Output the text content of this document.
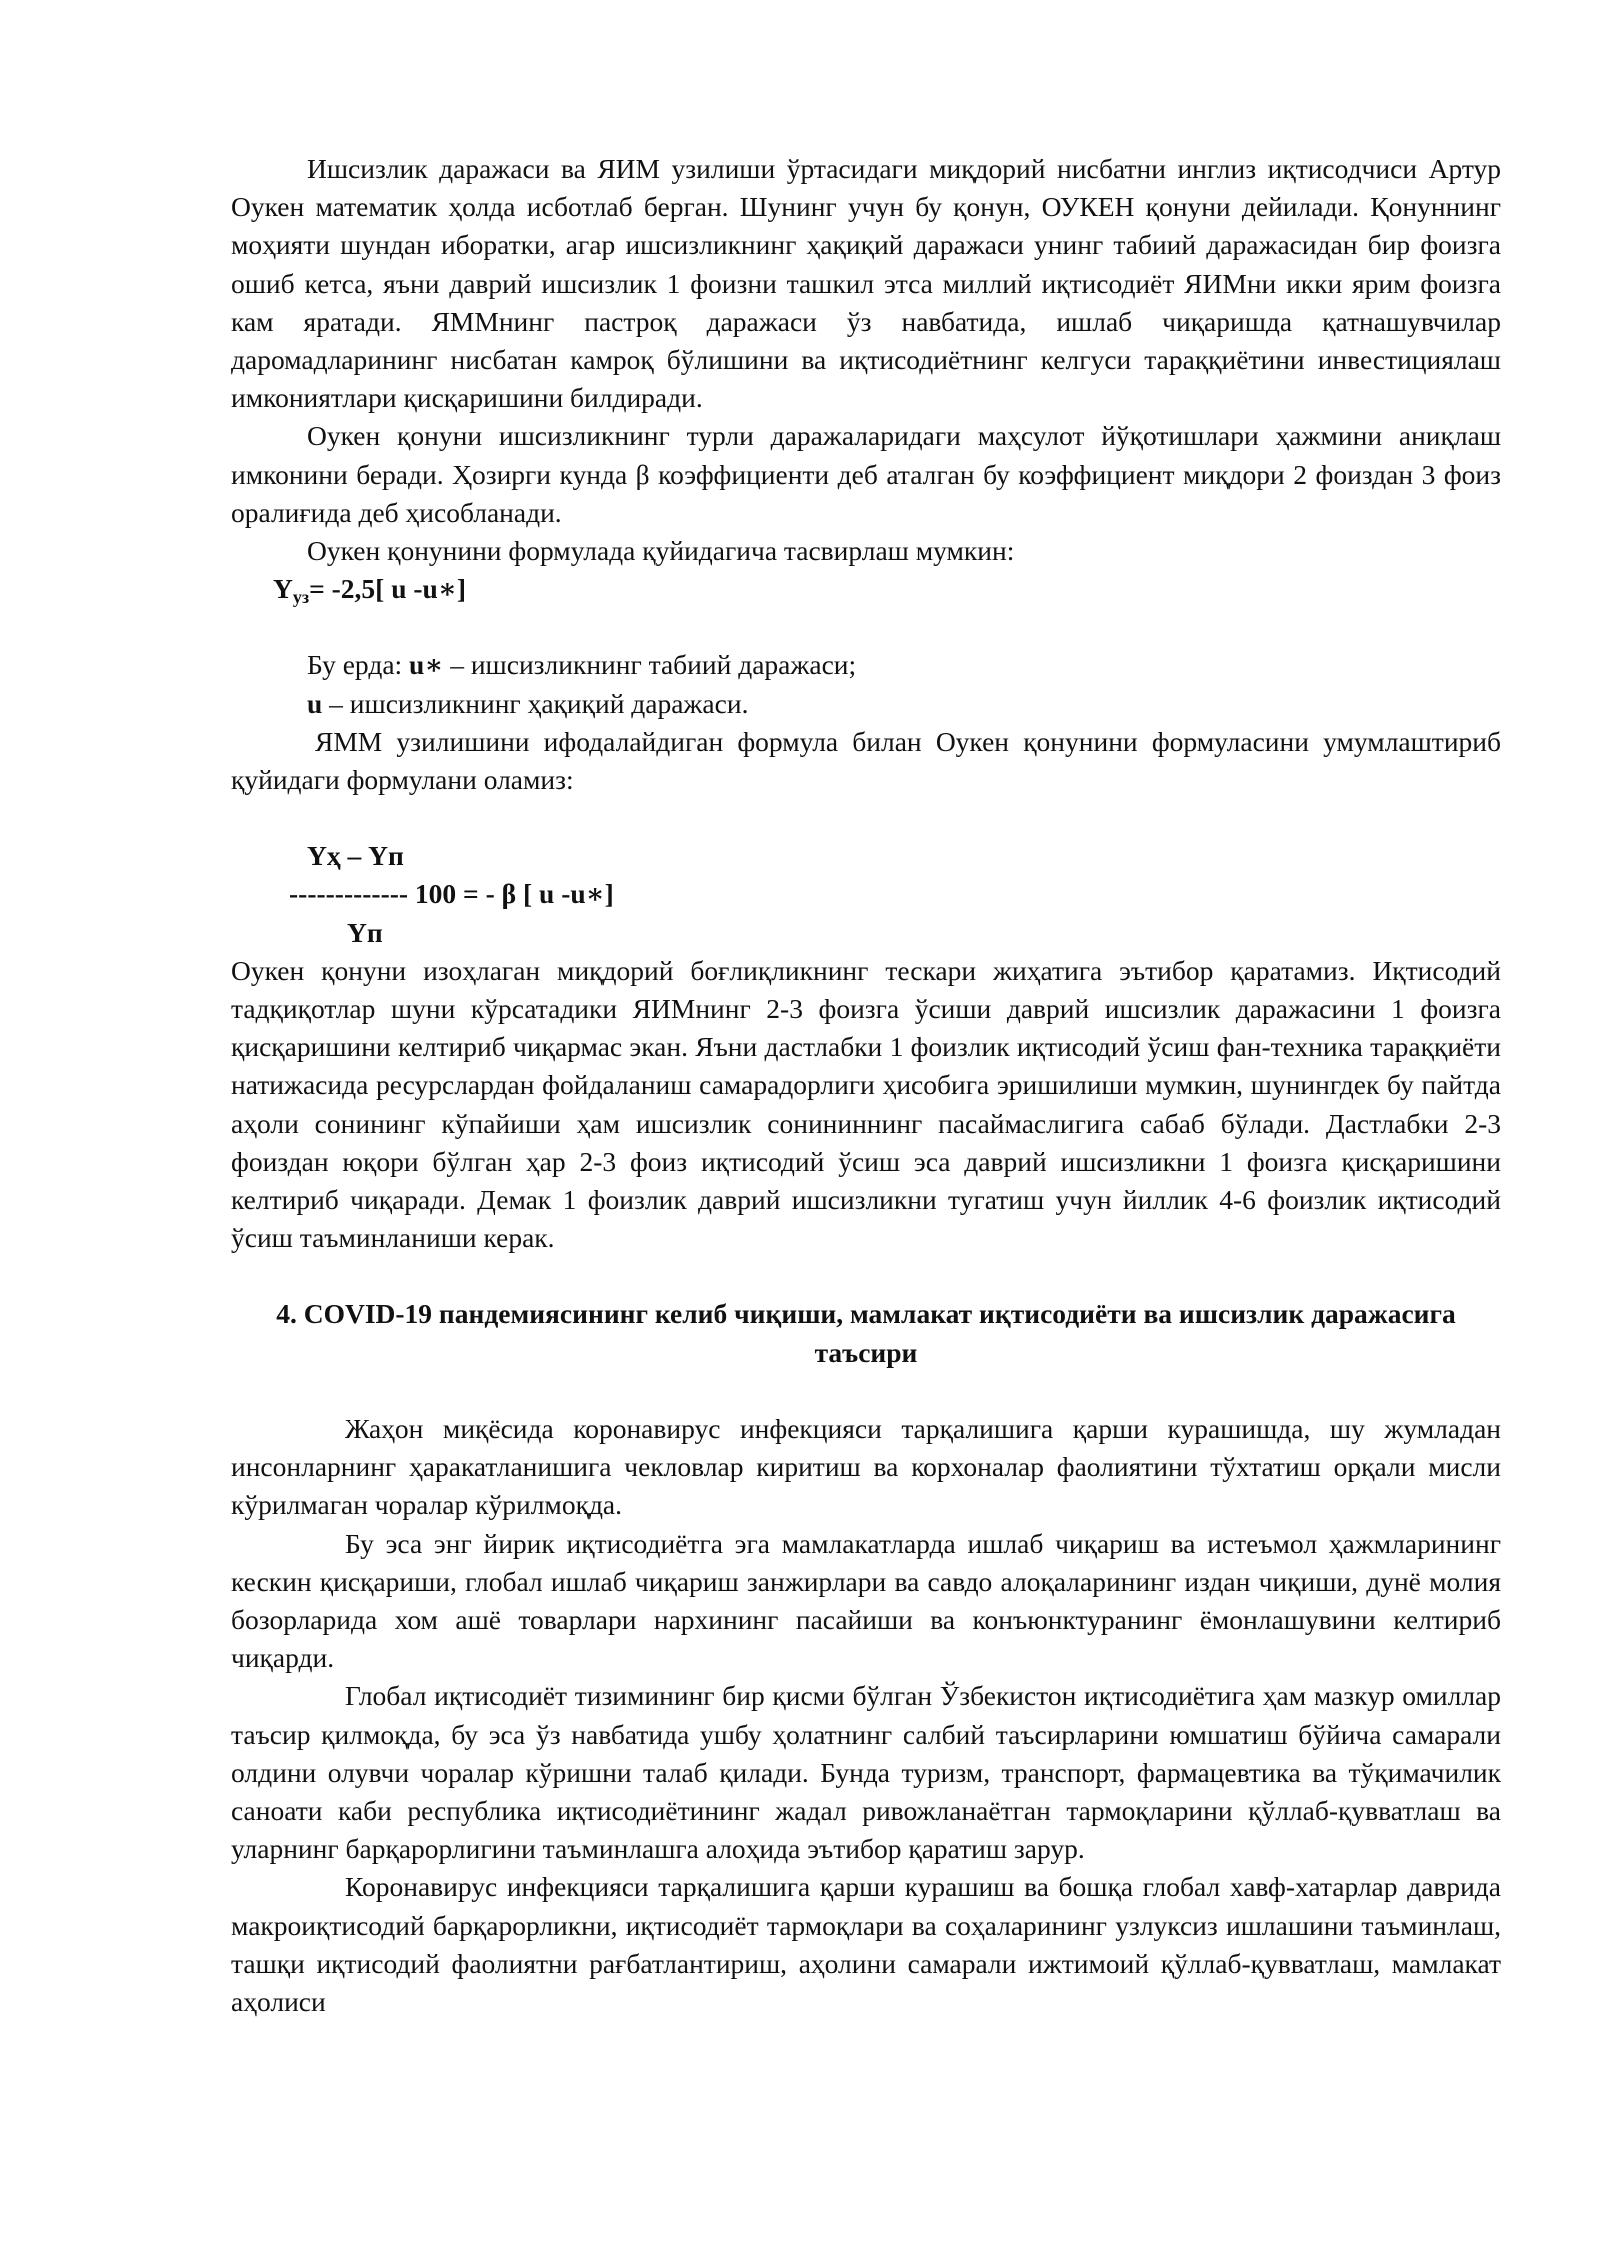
Ишсизлик даражаси ва ЯИМ узилиши ўртасидаги миқдорий нисбатни инглиз иқтисодчиси Артур Оукен математик ҳолда исботлаб берган. Шунинг учун бу қонун, ОУКЕН қонуни дейилади. Қонуннинг моҳияти шундан иборатки, агар ишсизликнинг ҳақиқий даражаси унинг табиий даражасидан бир фоизга ошиб кетса, яъни даврий ишсизлик 1 фоизни ташкил этса миллий иқтисодиёт ЯИМни икки ярим фоизга кам яратади. ЯММнинг пастроқ даражаси ўз навбатида, ишлаб чиқаришда қатнашувчилар даромадларининг нисбатан камроқ бўлишини ва иқтисодиётнинг келгуси тараққиётини инвестициялаш имкониятлари қисқаришини билдиради.

Оукен қонуни ишсизликнинг турли даражаларидаги маҳсулот йўқотишлари ҳажмини аниқлаш имконини беради. Ҳозирги кунда β коэффициенти деб аталган бу коэффициент миқдори 2 фоиздан 3 фоиз оралиғида деб ҳисобланади.

Оукен қонунини формулада қуйидагича тасвирлаш мумкин:

$Y_{уз}= -2,5$[ u -u∗]

Бу ерда: u∗ – ишсизликнинг табиий даражаси;

u – ишсизликнинг ҳақиқий даражаси.

ЯММ узилишини ифодалайдиган формула билан Оукен қонунини формуласини умумлаштириб қуйидаги формулани оламиз:

Yҳ – Yп
------------- 100 = - β [ u -u∗]
Yп

Оукен қонуни изоҳлаган миқдорий боғлиқликнинг тескари жиҳатига эътибор қаратамиз. Иқтисодий тадқиқотлар шуни кўрсатадики ЯИМнинг 2-3 фоизга ўсиши даврий ишсизлик даражасини 1 фоизга қисқаришини келтириб чиқармас экан. Яъни дастлабки 1 фоизлик иқтисодий ўсиш фан-техника тараққиёти натижасида ресурслардан фойдаланиш самарадорлиги ҳисобига эришилиши мумкин, шунингдек бу пайтда аҳоли сонининг кўпайиши ҳам ишсизлик сонининнинг пасаймаслигига сабаб бўлади. Дастлабки 2-3 фоиздан юқори бўлган ҳар 2-3 фоиз иқтисодий ўсиш эса даврий ишсизликни 1 фоизга қисқаришини келтириб чиқаради. Демак 1 фоизлик даврий ишсизликни тугатиш учун йиллик 4-6 фоизлик иқтисодий ўсиш таъминланиши керак.

4. COVID-19 пандемиясининг келиб чиқиши, мамлакат иқтисодиёти ва ишсизлик даражасига таъсири

Жаҳон миқёсида коронавирус инфекцияси тарқалишига қарши курашишда, шу жумладан инсонларнинг ҳаракатланишига чекловлар киритиш ва корхоналар фаолиятини тўхтатиш орқали мисли кўрилмаган чоралар кўрилмоқда.

Бу эса энг йирик иқтисодиётга эга мамлакатларда ишлаб чиқариш ва истеъмол ҳажмларининг кескин қисқариши, глобал ишлаб чиқариш занжирлари ва савдо алоқаларининг издан чиқиши, дунё молия бозорларида хом ашё товарлари нархининг пасайиши ва конъюнктуранинг ёмонлашувини келтириб чиқарди.

Глобал иқтисодиёт тизимининг бир қисми бўлган Ўзбекистон иқтисодиётига ҳам мазкур омиллар таъсир қилмоқда, бу эса ўз навбатида ушбу ҳолатнинг салбий таъсирларини юмшатиш бўйича самарали олдини олувчи чоралар кўришни талаб қилади. Бунда туризм, транспорт, фармацевтика ва тўқимачилик саноати каби республика иқтисодиётининг жадал ривожланаётган тармоқларини қўллаб-қувватлаш ва уларнинг барқарорлигини таъминлашга алоҳида эътибор қаратиш зарур.

Коронавирус инфекцияси тарқалишига қарши курашиш ва бошқа глобал хавф-хатарлар даврида макроиқтисодий барқарорликни, иқтисодиёт тармоқлари ва соҳаларининг узлуксиз ишлашини таъминлаш, ташқи иқтисодий фаолиятни рағбатлантириш, аҳолини самарали ижтимоий қўллаб-қувватлаш, мамлакат аҳолиси
